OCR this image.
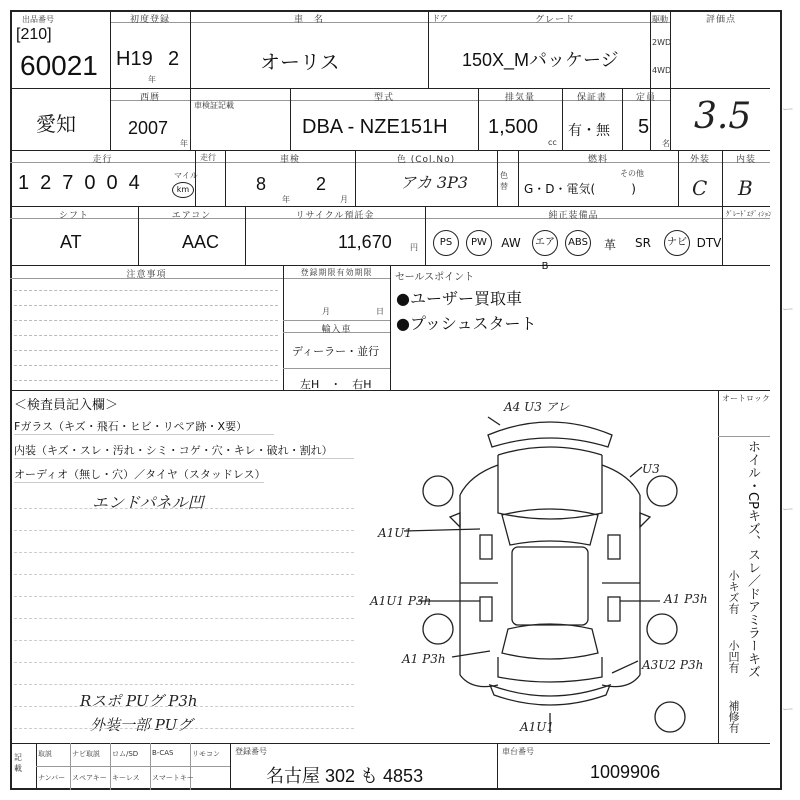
出品番号
[210]
60021
初度登録
H19 2
年
車　名
オーリス
ドア	グレード
150X_Mパッケージ
駆動
2WD
4WD
評価点
3.5
愛知
西暦
2007
年
車検証記載
型式
DBA - NZE151H
排気量
1,500
cc
保証書
有・無
定員
5
名
走行
127004	マイル
km
走行	車検
8
年
2
月
色 (Col.No)
アカ 3P3	色替
燃料
G・D・電気(　　　)
その他
外装
C
内装
B
シフト
AT
エアコン
AAC
リサイクル預託金
11,670 円
純正装備品	ｸﾞﾚｰﾄﾞｴﾃﾞｨｼｮﾝ
PS	PW	AW	エアB
ABS	革	SR	ナビ DTV
注意事項	登録期限有効期限
月	日
輸入車
ディーラー・並行
左H　・　右H
セールスポイント
●ユーザー買取車
●プッシュスタート
＜検査員記入欄＞
Fガラス（キズ・飛石・ヒビ・リペア跡・X要）
内装（キズ・スレ・汚れ・シミ・コゲ・穴・キレ・破れ・割れ）
オーディオ（無し・穴）／タイヤ（スタッドレス）
エンドパネル凹
Rスポ PUグ P3h
外装一部 PUグ
オートロック
A4 U3 アレ
U3
A1U1
A1U1 P3h	A1 P3h
A1 P3h	A3U2 P3h
A1U1
ホイル・CPキズ、スレ／ドアミラーキズ
小キズ有
小凹有
補修有
記載
取説	ナビ取説 ロム/SD B-CAS	リモコン
ナンバー スペアキー キーレス スマートキー
登録番号
名古屋 302 も 4853
車台番号
1009906
ー
ー
ー
ー
